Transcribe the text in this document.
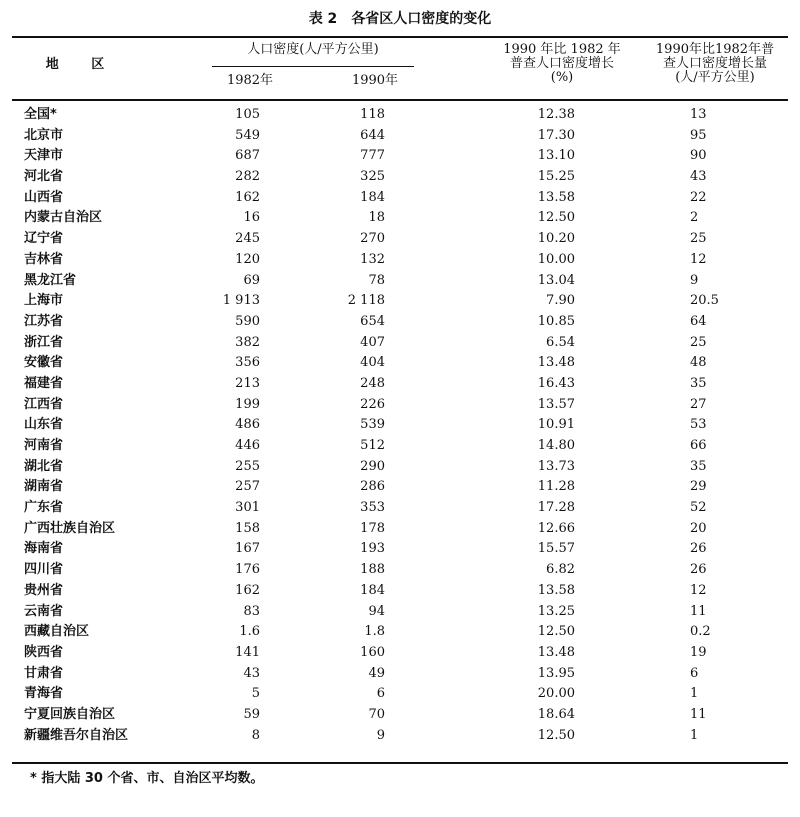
表 2 各省区人口密度的变化
地 区
人口密度(人/平方公里)
1982年	1990年
1990 年比 1982 年
普查人口密度增长
(%)
1990年比1982年普
查人口密度增长量
(人/平方公里)
全国*	105	118	12.38	13
北京市	549	644	17.30	95
天津市	687	777	13.10	90
河北省	282	325	15.25	43
山西省	162	184	13.58	22
内蒙古自治区	16	18	12.50	2
辽宁省	245	270	10.20	25
吉林省	120	132	10.00	12
黑龙江省	69	78	13.04	9
上海市	1 913	2 118	7.90	20.5
江苏省	590	654	10.85	64
浙江省	382	407	6.54	25
安徽省	356	404	13.48	48
福建省	213	248	16.43	35
江西省	199	226	13.57	27
山东省	486	539	10.91	53
河南省	446	512	14.80	66
湖北省	255	290	13.73	35
湖南省	257	286	11.28	29
广东省	301	353	17.28	52
广西壮族自治区	158	178	12.66	20
海南省	167	193	15.57	26
四川省	176	188	6.82	26
贵州省	162	184	13.58	12
云南省	83	94	13.25	11
西藏自治区	1.6	1.8	12.50	0.2
陕西省	141	160	13.48	19
甘肃省	43	49	13.95	6
青海省	5	6	20.00	1
宁夏回族自治区	59	70	18.64	11
新疆维吾尔自治区	8	9	12.50	1
* 指大陆 30 个省、市、自治区平均数。
